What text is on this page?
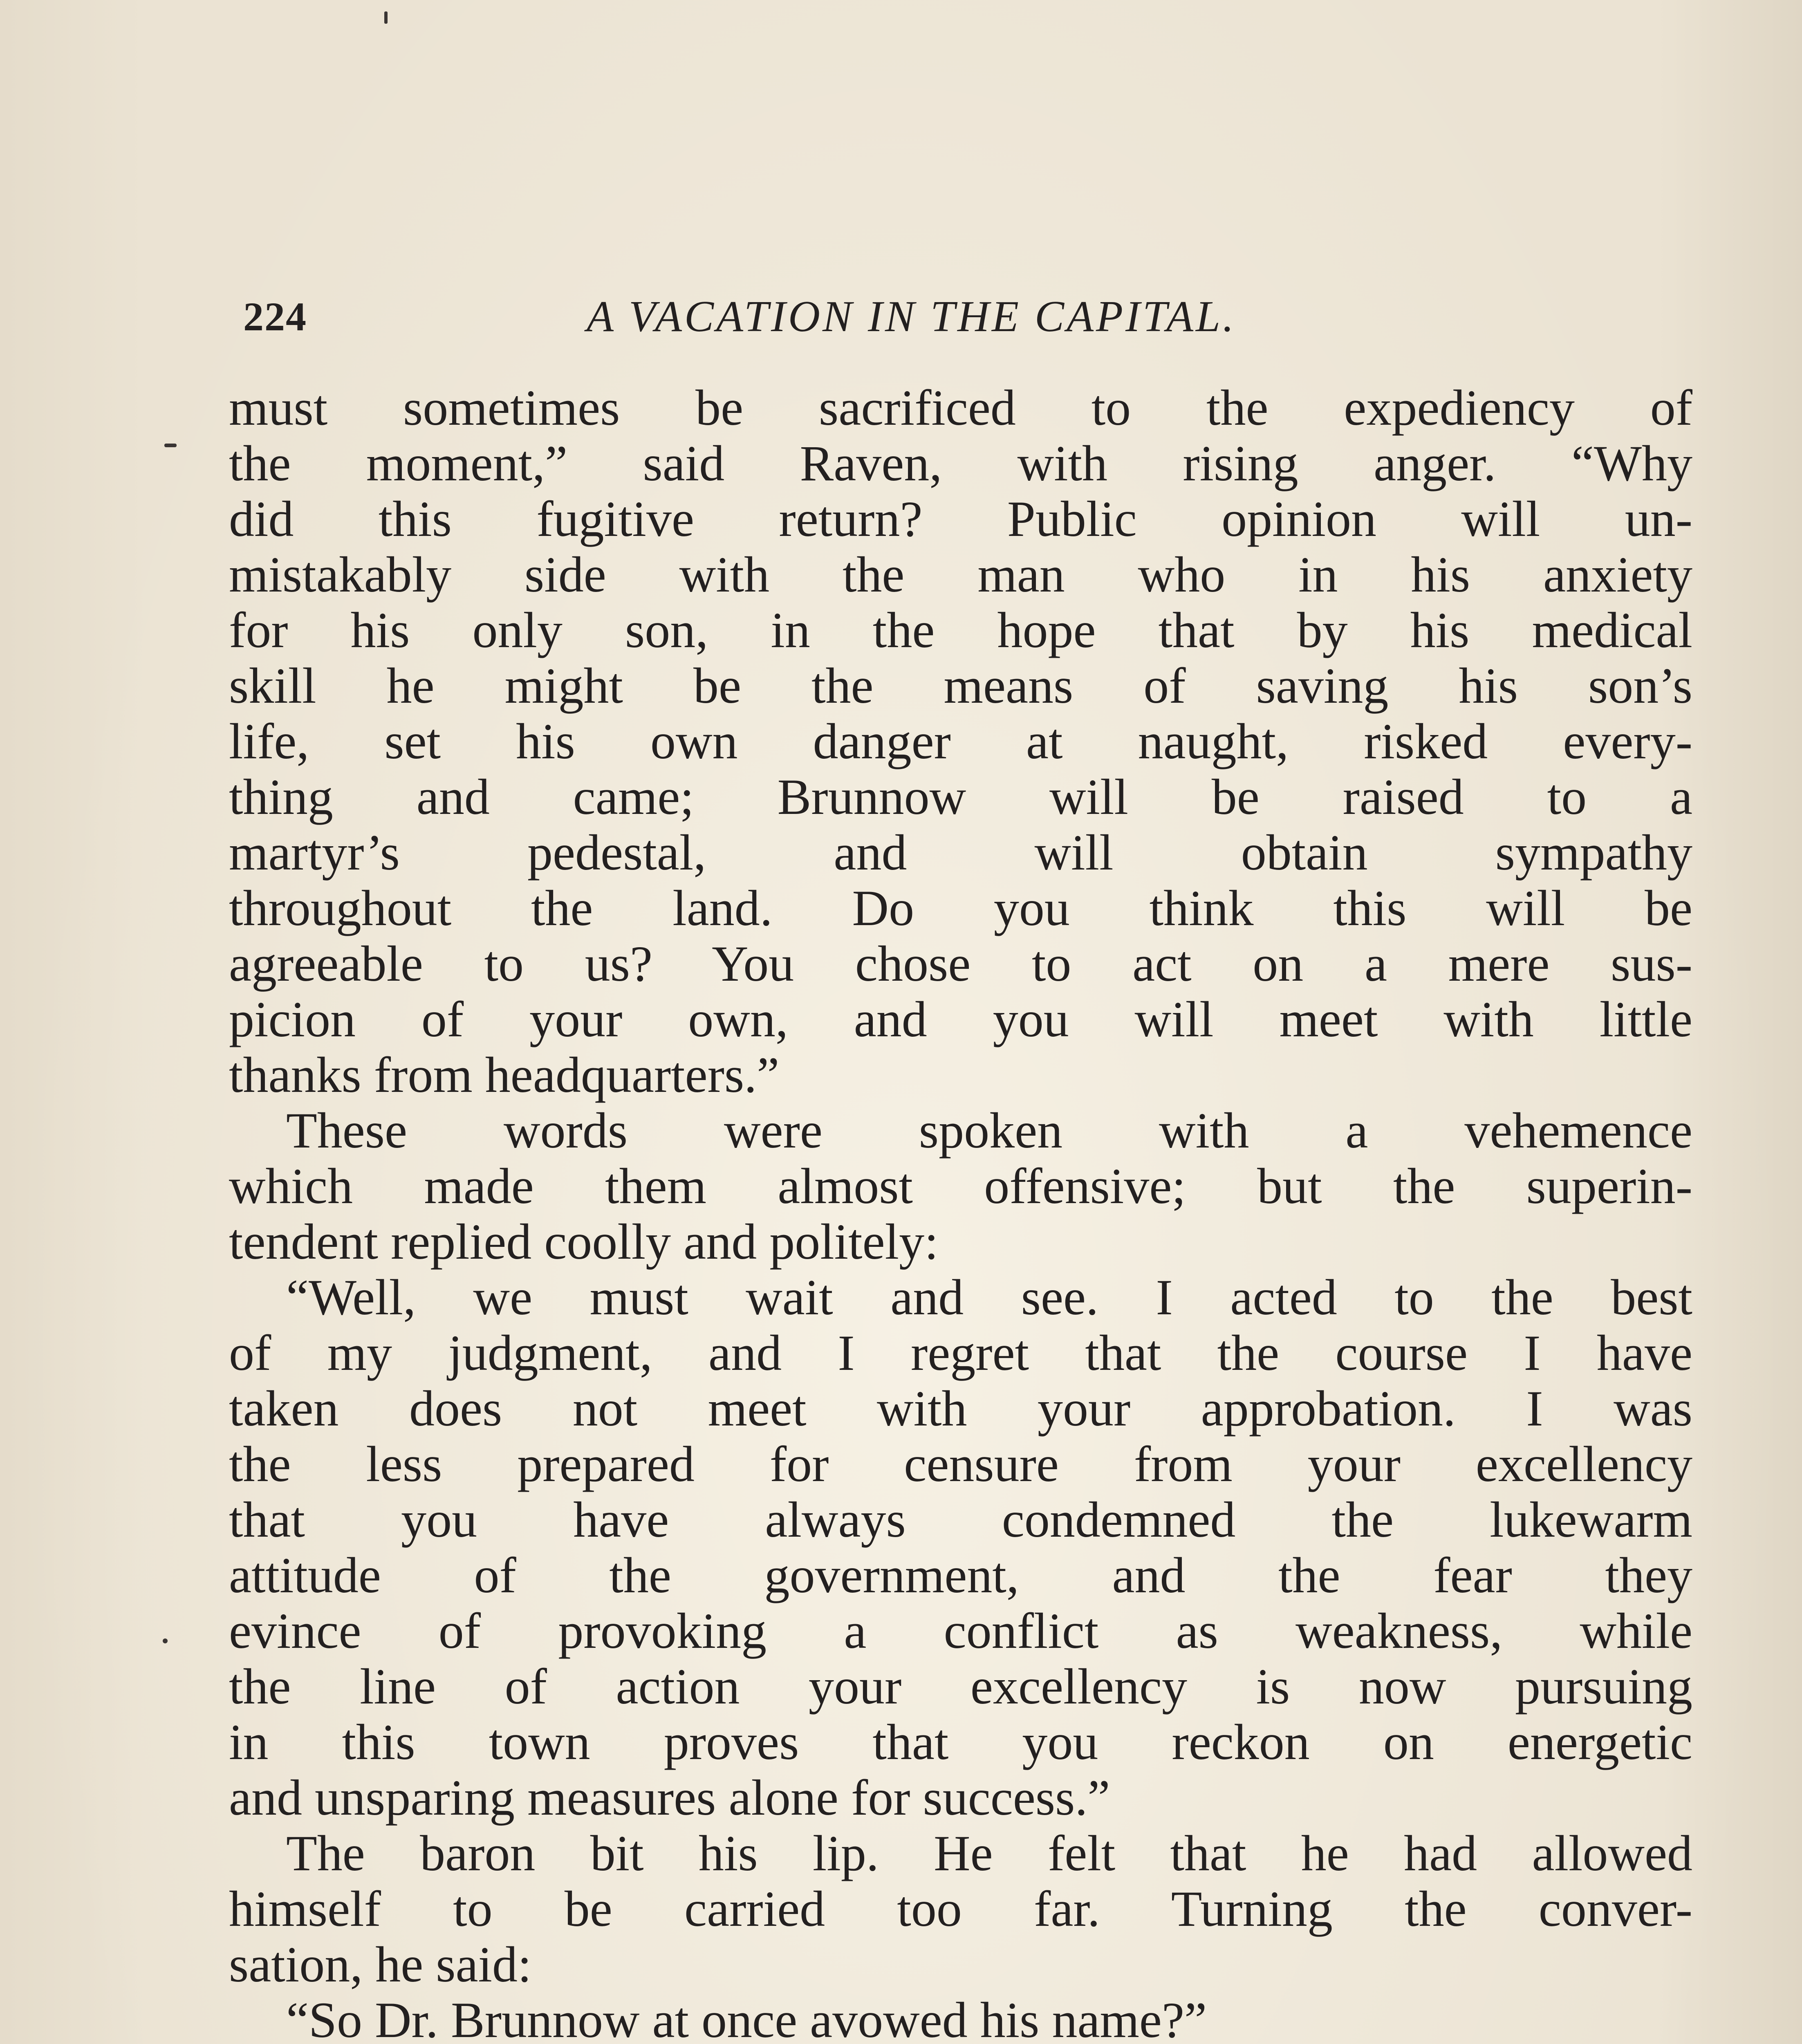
224	A VACATION IN THE CAPITAL.
must sometimes be sacrificed to the expediency of
the moment,” said Raven, with rising anger. “Why
did this fugitive return? Public opinion will un-
mistakably side with the man who in his anxiety
for his only son, in the hope that by his medical
skill he might be the means of saving his son’s
life, set his own danger at naught, risked every-
thing and came; Brunnow will be raised to a
martyr’s pedestal, and will obtain sympathy
throughout the land. Do you think this will be
agreeable to us? You chose to act on a mere sus-
picion of your own, and you will meet with little
thanks from headquarters.”
These words were spoken with a vehemence
which made them almost offensive; but the superin-
tendent replied coolly and politely:
“Well, we must wait and see. I acted to the best
of my judgment, and I regret that the course I have
taken does not meet with your approbation. I was
the less prepared for censure from your excellency
that you have always condemned the lukewarm
attitude of the government, and the fear they
evince of provoking a conflict as weakness, while
the line of action your excellency is now pursuing
in this town proves that you reckon on energetic
and unsparing measures alone for success.”
The baron bit his lip. He felt that he had allowed
himself to be carried too far. Turning the conver-
sation, he said:
“So Dr. Brunnow at once avowed his name?”
